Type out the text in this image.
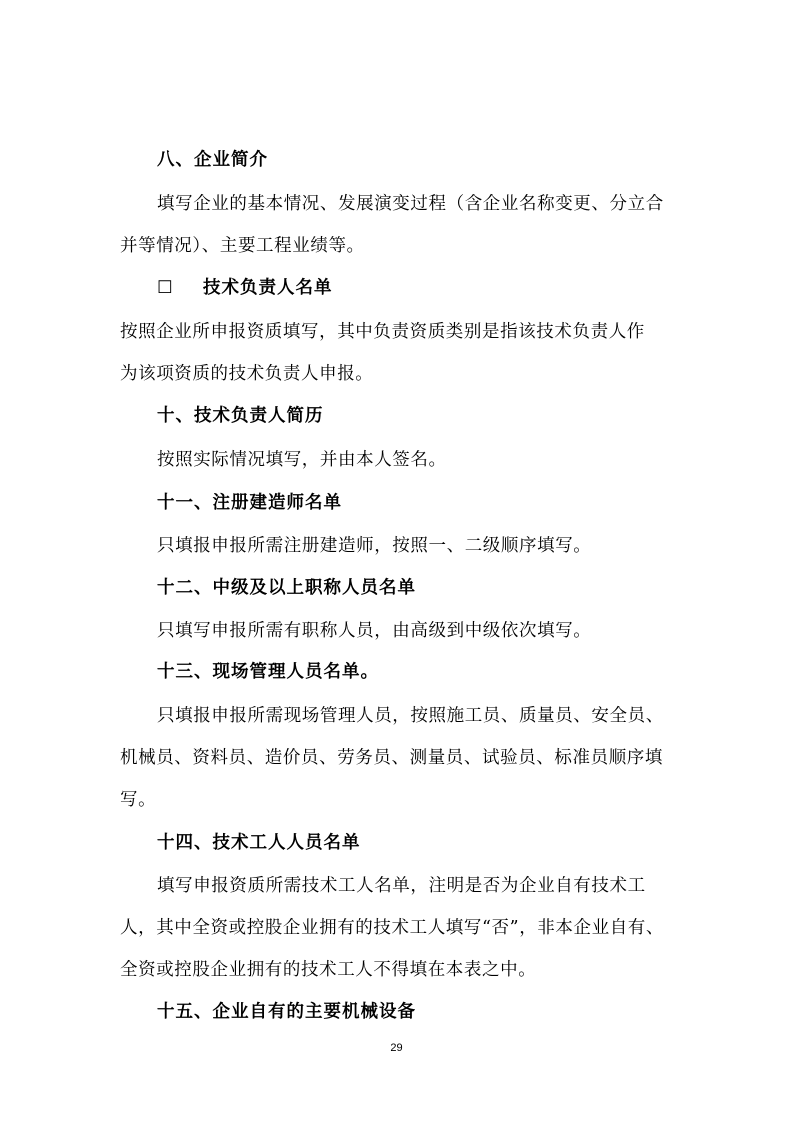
八、企业简介
填写企业的基本情况、发展演变过程（含企业名称变更、分立合
并等情况）、主要工程业绩等。
☐ 技术负责人名单
按照企业所申报资质填写，其中负责资质类别是指该技术负责人作
为该项资质的技术负责人申报。
十、技术负责人简历
按照实际情况填写，并由本人签名。
十一、注册建造师名单
只填报申报所需注册建造师，按照一、二级顺序填写。
十二、中级及以上职称人员名单
只填写申报所需有职称人员，由高级到中级依次填写。
十三、现场管理人员名单。
只填报申报所需现场管理人员，按照施工员、质量员、安全员、
机械员、资料员、造价员、劳务员、测量员、试验员、标准员顺序填
写。
十四、技术工人人员名单
填写申报资质所需技术工人名单，注明是否为企业自有技术工
人，其中全资或控股企业拥有的技术工人填写“否”，非本企业自有、
全资或控股企业拥有的技术工人不得填在本表之中。
十五、企业自有的主要机械设备
29
